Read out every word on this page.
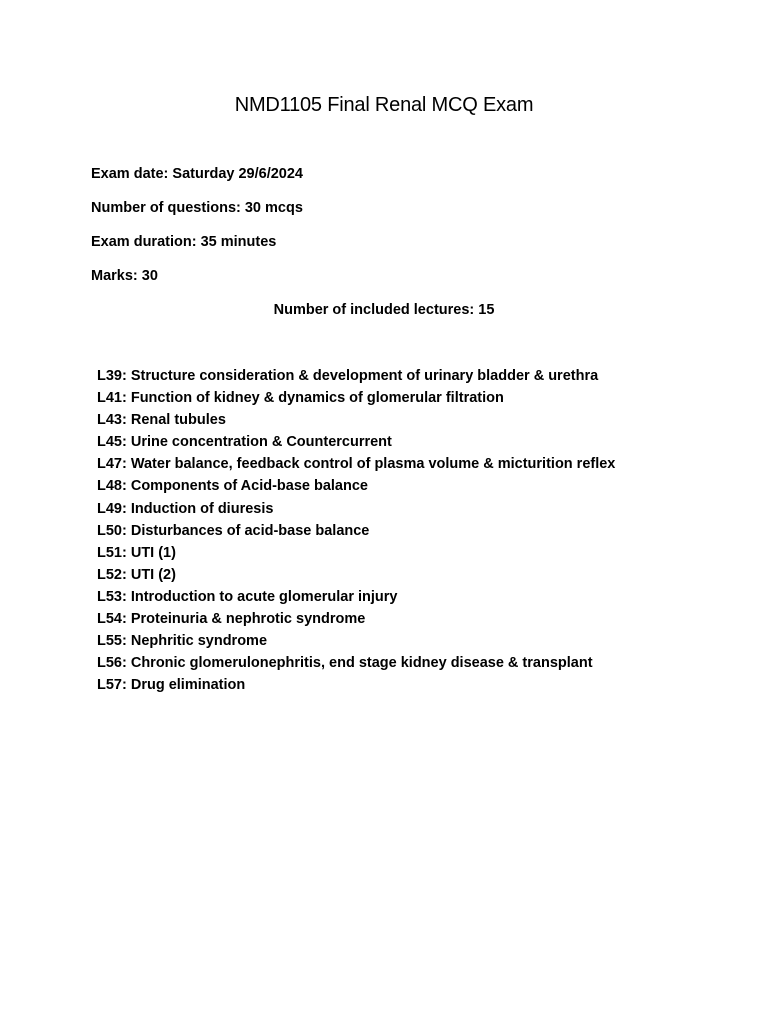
NMD1105 Final Renal MCQ Exam
Exam date: Saturday 29/6/2024
Number of questions: 30 mcqs
Exam duration: 35 minutes
Marks: 30
Number of included lectures: 15
L39: Structure consideration & development of urinary bladder & urethra
L41: Function of kidney & dynamics of glomerular filtration
L43: Renal tubules
L45: Urine concentration & Countercurrent
L47: Water balance, feedback control of plasma volume & micturition reflex
L48: Components of Acid-base balance
L49: Induction of diuresis
L50: Disturbances of acid-base balance
L51: UTI (1)
L52: UTI (2)
L53: Introduction to acute glomerular injury
L54: Proteinuria & nephrotic syndrome
L55: Nephritic syndrome
L56: Chronic glomerulonephritis, end stage kidney disease & transplant
L57: Drug elimination
